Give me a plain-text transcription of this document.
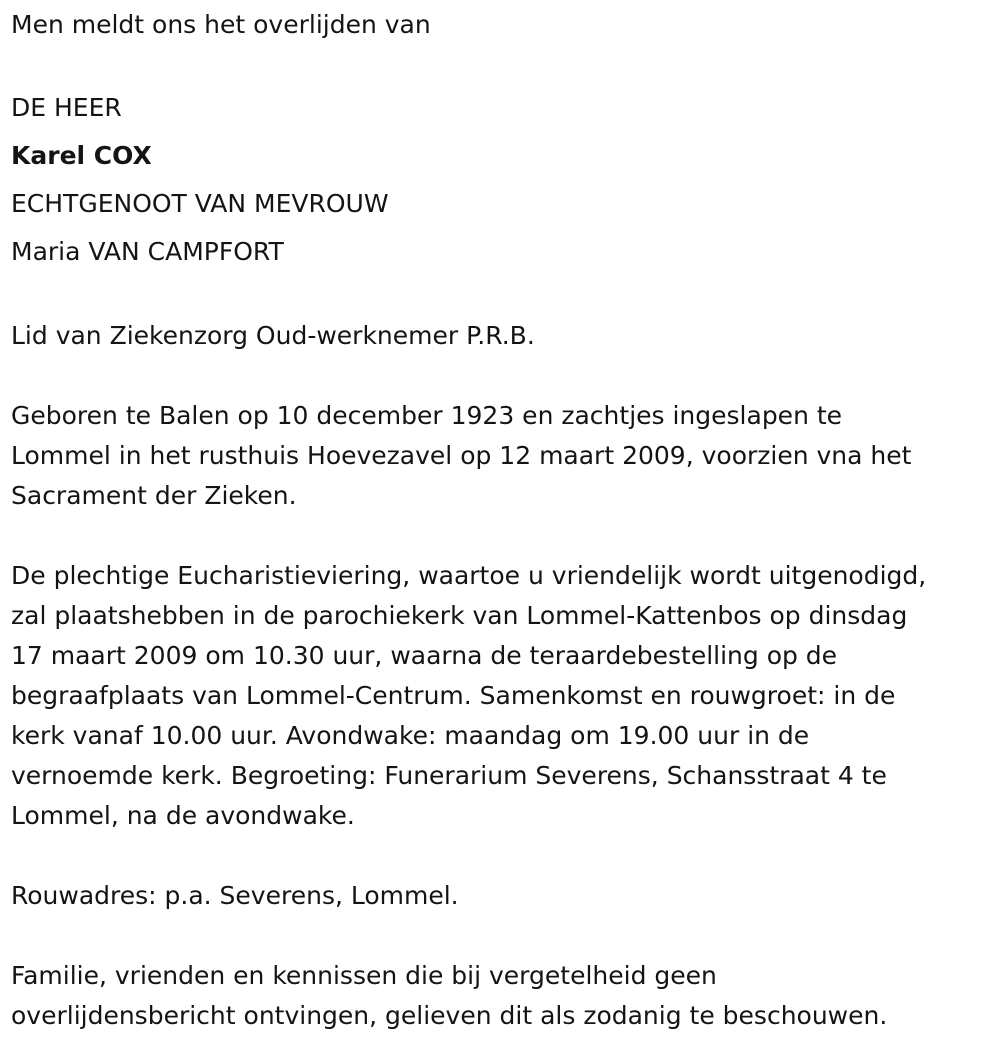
Men meldt ons het overlijden van

DE HEER

Karel COX

ECHTGENOOT VAN MEVROUW

Maria VAN CAMPFORT

Lid van Ziekenzorg Oud-werknemer P.R.B.

Geboren te Balen op 10 december 1923 en zachtjes ingeslapen te

Lommel in het rusthuis Hoevezavel op 12 maart 2009, voorzien vna het

Sacrament der Zieken.

De plechtige Eucharistieviering, waartoe u vriendelijk wordt uitgenodigd,

zal plaatshebben in de parochiekerk van Lommel-Kattenbos op dinsdag

17 maart 2009 om 10.30 uur, waarna de teraardebestelling op de

begraafplaats van Lommel-Centrum. Samenkomst en rouwgroet: in de

kerk vanaf 10.00 uur. Avondwake: maandag om 19.00 uur in de

vernoemde kerk. Begroeting: Funerarium Severens, Schansstraat 4 te

Lommel, na de avondwake.

Rouwadres: p.a. Severens, Lommel.

Familie, vrienden en kennissen die bij vergetelheid geen

overlijdensbericht ontvingen, gelieven dit als zodanig te beschouwen.
